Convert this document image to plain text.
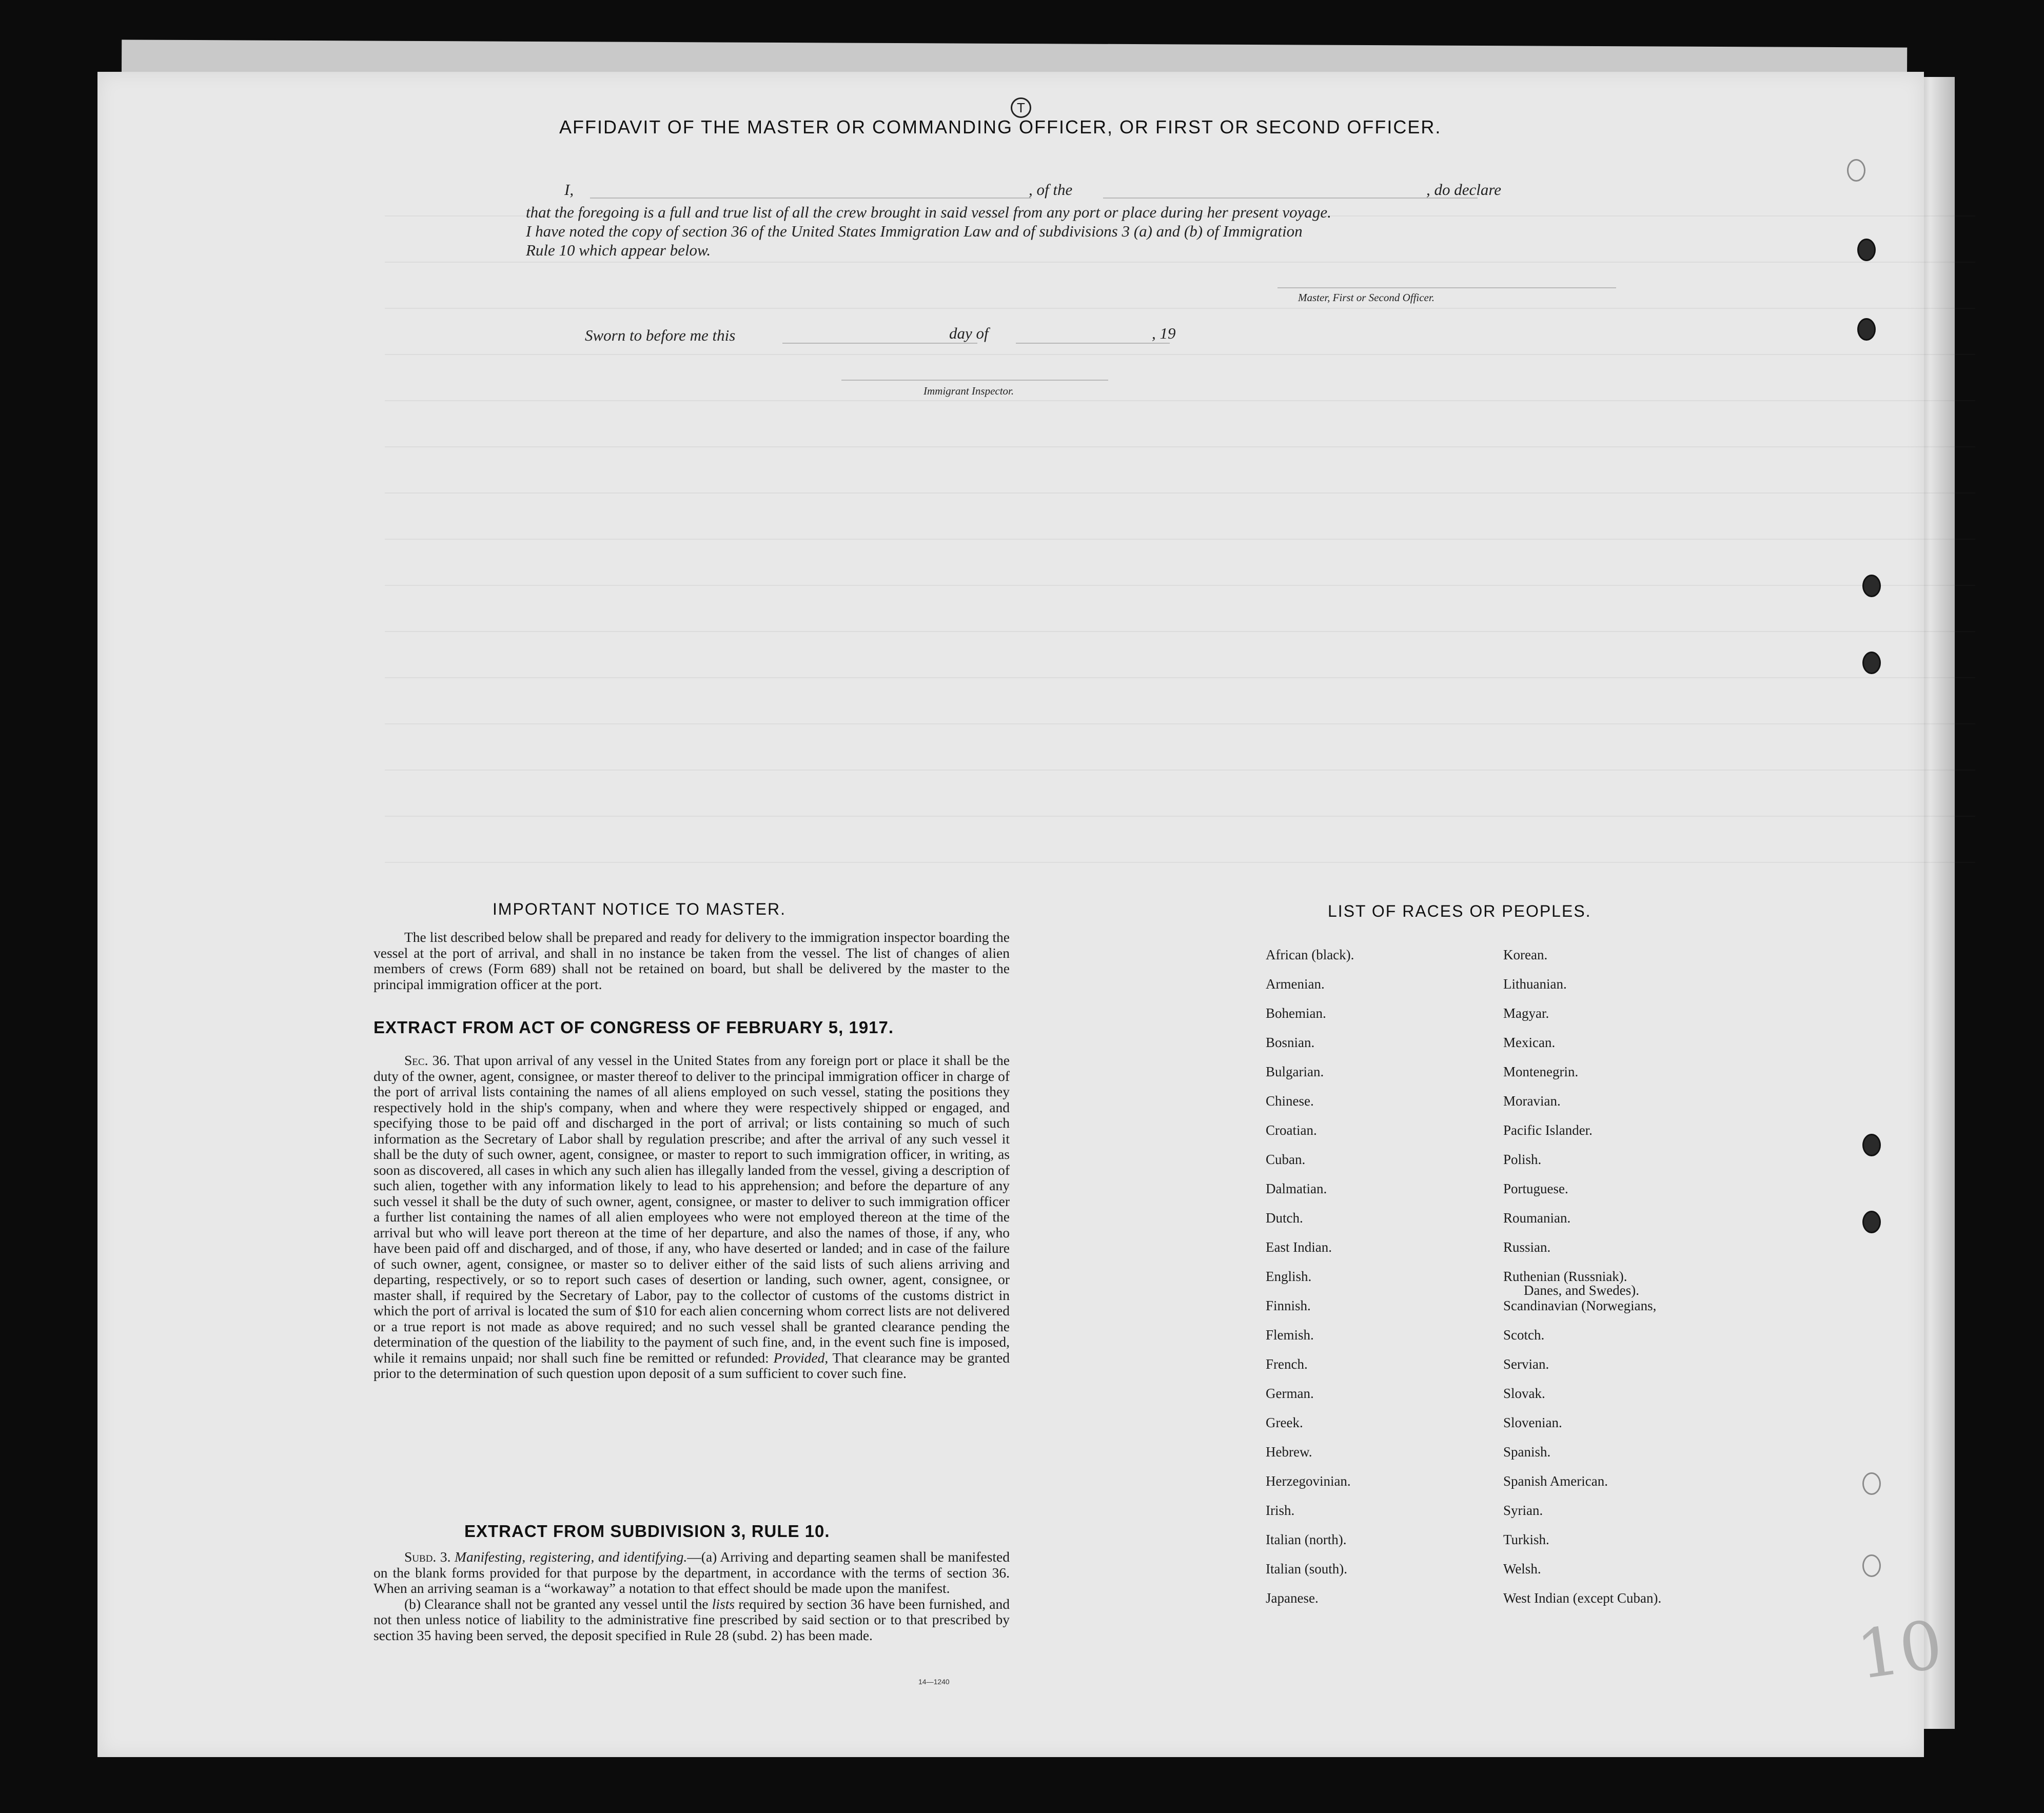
T
AFFIDAVIT OF THE MASTER OR COMMANDING OFFICER, OR FIRST OR SECOND OFFICER.
I,	, of the	, do declare
that the foregoing is a full and true list of all the crew brought in said vessel from any port or place during her present voyage.
I have noted the copy of section 36 of the United States Immigration Law and of subdivisions 3 (a) and (b) of Immigration
Rule 10 which appear below.
Master, First or Second Officer.
Sworn to before me this	day of	, 19
Immigrant Inspector.
IMPORTANT NOTICE TO MASTER.

The list described below shall be prepared and ready for delivery to the immigration inspector boarding the vessel at the port of arrival, and shall in no instance be taken from the vessel. The list of changes of alien members of crews (Form 689) shall not be retained on board, but shall be delivered by the master to the principal immigration officer at the port.

EXTRACT FROM ACT OF CONGRESS OF FEBRUARY 5, 1917.

Sec. 36. That upon arrival of any vessel in the United States from any foreign port or place it shall be the duty of the owner, agent, consignee, or master thereof to deliver to the principal immigration officer in charge of the port of arrival lists containing the names of all aliens employed on such vessel, stating the positions they respectively hold in the ship's company, when and where they were respectively shipped or engaged, and specifying those to be paid off and discharged in the port of arrival; or lists containing so much of such information as the Secretary of Labor shall by regulation prescribe; and after the arrival of any such vessel it shall be the duty of such owner, agent, consignee, or master to report to such immigration officer, in writing, as soon as discovered, all cases in which any such alien has illegally landed from the vessel, giving a description of such alien, together with any information likely to lead to his apprehension; and before the departure of any such vessel it shall be the duty of such owner, agent, consignee, or master to deliver to such immigration officer a further list containing the names of all alien employees who were not employed thereon at the time of the arrival but who will leave port thereon at the time of her departure, and also the names of those, if any, who have been paid off and discharged, and of those, if any, who have deserted or landed; and in case of the failure of such owner, agent, consignee, or master so to deliver either of the said lists of such aliens arriving and departing, respectively, or so to report such cases of desertion or landing, such owner, agent, consignee, or master shall, if required by the Secretary of Labor, pay to the collector of customs of the customs district in which the port of arrival is located the sum of $10 for each alien concerning whom correct lists are not delivered or a true report is not made as above required; and no such vessel shall be granted clearance pending the determination of the question of the liability to the payment of such fine, and, in the event such fine is imposed, while it remains unpaid; nor shall such fine be remitted or refunded: Provided, That clearance may be granted prior to the determination of such question upon deposit of a sum sufficient to cover such fine.

EXTRACT FROM SUBDIVISION 3, RULE 10.

Subd. 3. Manifesting, registering, and identifying.—(a) Arriving and departing seamen shall be manifested on the blank forms provided for that purpose by the department, in accordance with the terms of section 36. When an arriving seaman is a “workaway” a notation to that effect should be made upon the manifest.

(b) Clearance shall not be granted any vessel until the lists required by section 36 have been furnished, and not then unless notice of liability to the administrative fine prescribed by said section or to that prescribed by section 35 having been served, the deposit specified in Rule 28 (subd. 2) has been made.

14—1240
LIST OF RACES OR PEOPLES.
African (black).
Armenian.
Bohemian.
Bosnian.
Bulgarian.
Chinese.
Croatian.
Cuban.
Dalmatian.
Dutch.
East Indian.
English.
Finnish.
Flemish.
French.
German.
Greek.
Hebrew.
Herzegovinian.
Irish.
Italian (north).
Italian (south).
Japanese.
Korean.
Lithuanian.
Magyar.
Mexican.
Montenegrin.
Moravian.
Pacific Islander.
Polish.
Portuguese.
Roumanian.
Russian.
Ruthenian (Russniak).
Scandinavian (Norwegians,
Danes, and Swedes).
Scotch.
Servian.
Slovak.
Slovenian.
Spanish.
Spanish American.
Syrian.
Turkish.
Welsh.
West Indian (except Cuban).
10
